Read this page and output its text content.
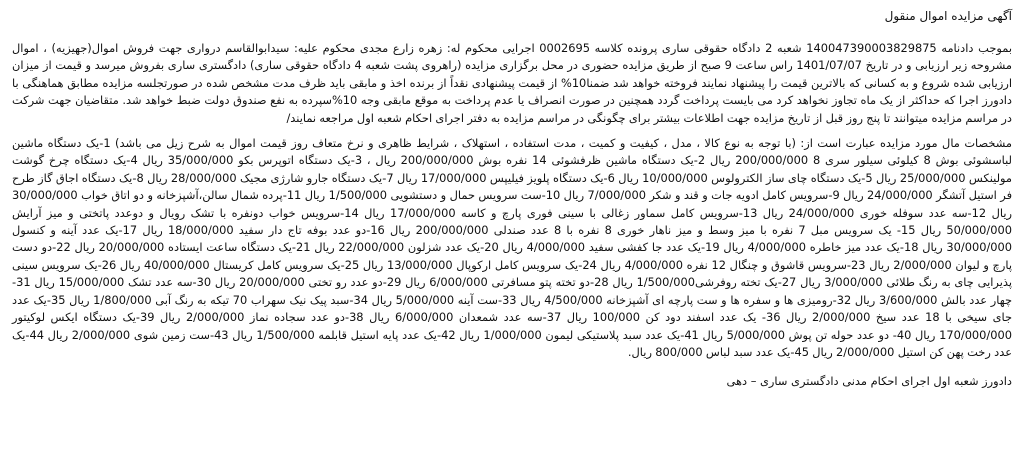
آگهی مزایده اموال منقول

بموجب دادنامه 140047390003829875 شعبه 2 دادگاه حقوقی ساری پرونده کلاسه 0002695 اجرایی محکوم له: زهره زارع مجدی محکوم علیه: سیدابوالقاسم درواری جهت فروش اموال(جهیزیه) ، اموال مشروحه زیر ارزیابی و در تاریخ 1401/07/07 راس ساعت 9 صبح از طریق مزایده حضوری در محل برگزاری مزایده (راهروی پشت شعبه 4 دادگاه حقوقی ساری) دادگستری ساری بفروش میرسد و قیمت از میزان ارزیابی شده شروع و به کسانی که بالاترین قیمت را پیشنهاد نمایند فروخته خواهد شد ضمنا10% از قیمت پیشنهادی نقداً از برنده اخذ و مابقی باید ظرف مدت مشخص شده در صورتجلسه مزایده مطابق هماهنگی با دادورز اجرا که حداکثر از یک ماه تجاوز نخواهد کرد می بایست پرداخت گردد همچنین در صورت انصراف یا عدم پرداخت به موقع مابقی وجه 10%سپرده به نفع صندوق دولت ضبط خواهد شد. متقاضیان جهت شرکت در مراسم مزایده میتوانند تا پنج روز قبل از تاریخ مزایده جهت اطلاعات بیشتر برای چگونگی در مراسم مزایده به دفتر اجرای احکام شعبه اول مراجعه نمایند/

مشخصات مال مورد مزایده عبارت است از: (با توجه به نوع کالا ، مدل ، کیفیت و کمیت ، مدت استفاده ، استهلاک ، شرایط ظاهری و نرخ متعاف روز قیمت اموال به شرح زیل می باشد) 1-یک دستگاه ماشین لباسشوئی بوش 8 کیلوئی سیلور سری 8 200/000/000 ریال 2-یک دستگاه ماشین ظرفشوئی 14 نفره بوش 200/000/000 ریال ، 3-یک دستگاه اتوپرس بکو 35/000/000 ریال 4-یک دستگاه چرخ گوشت مولینکس 25/000/000 ریال 5-یک دستگاه چای ساز الکترولوس 10/000/000 ریال 6-یک دستگاه پلویز فیلیپس 17/000/000 ریال 7-یک دستگاه جارو شارژی مجیک 28/000/000 ریال 8-یک دستگاه اجاق گاز طرح فر استیل آتشگر 24/000/000 ریال 9-سرویس کامل ادویه جات و قند و شکر 7/000/000 ریال 10-ست سرویس حمال و دستشویی 1/500/000 ریال 11-پرده شمال سالن،آشپزخانه و دو اتاق خواب 30/000/000 ریال 12-سه عدد سوفله خوری 24/000/000 ریال 13-سرویس کامل سماور زغالی با سینی فوری پارچ و کاسه 17/000/000 ریال 14-سرویس خواب دونفره با تشک رویال و دوعدد پاتختی و میز آرایش 50/000/000 ریال 15- یک سرویس مبل 7 نفره با میز وسط و میز ناهار خوری 8 نفره با 8 عدد صندلی 200/000/000 ریال 16-دو عدد بوفه تاج دار سفید 18/000/000 ریال 17-یک عدد آینه و کنسول 30/000/000 ریال 18-یک عدد میز خاطره 4/000/000 ریال 19-یک عدد جا کفشی سفید 4/000/000 ریال 20-یک عدد شزلون 22/000/000 ریال 21-یک دستگاه ساعت ایستاده 20/000/000 ریال 22-دو دست پارچ و لیوان 2/000/000 ریال 23-سرویس قاشوق و چنگال 12 نفره 4/000/000 ریال 24-یک سرویس کامل ارکوپال 13/000/000 ریال 25-یک سرویس کامل کریستال 40/000/000 ریال 26-یک سرویس سینی پذیرایی چای به رنگ طلائی 3/000/000 ریال 27-یک تخته روفرشی1/500/000 ریال 28-دو تخته پتو مسافرتی 6/000/000 ریال 29-دو عدد رو تختی 20/000/000 ریال 30-سه عدد تشک 15/000/000 ریال 31-چهار عدد بالش 3/600/000 ریال 32-رومیزی ها و سفره ها و ست پارچه ای آشپزخانه 4/500/000 ریال 33-ست آینه 5/000/000 ریال 34-سبد پیک نیک سهراب 70 تیکه به رنگ آبی 1/800/000 ریال 35-یک عدد جای سیخی با 18 عدد سیخ 2/000/000 ریال 36- یک عدد اسفند دود کن 100/000 ریال 37-سه عدد شمعدان 6/000/000 ریال 38-دو عدد سجاده نماز 2/000/000 ریال 39-یک دستگاه ایکس لوکیتور 170/000/000 ریال 40- دو عدد حوله تن پوش 5/000/000 ریال 41-یک عدد سبد پلاستیکی لیمون 1/000/000 ریال 42-یک عدد پایه استیل قابلمه 1/500/000 ریال 43-ست زمین شوی 2/000/000 ریال 44-یک عدد رخت پهن کن استیل 2/000/000 ریال 45-یک عدد سبد لباس 800/000 ریال.

دادورز شعبه اول اجرای احکام مدنی دادگستری ساری – دهی
